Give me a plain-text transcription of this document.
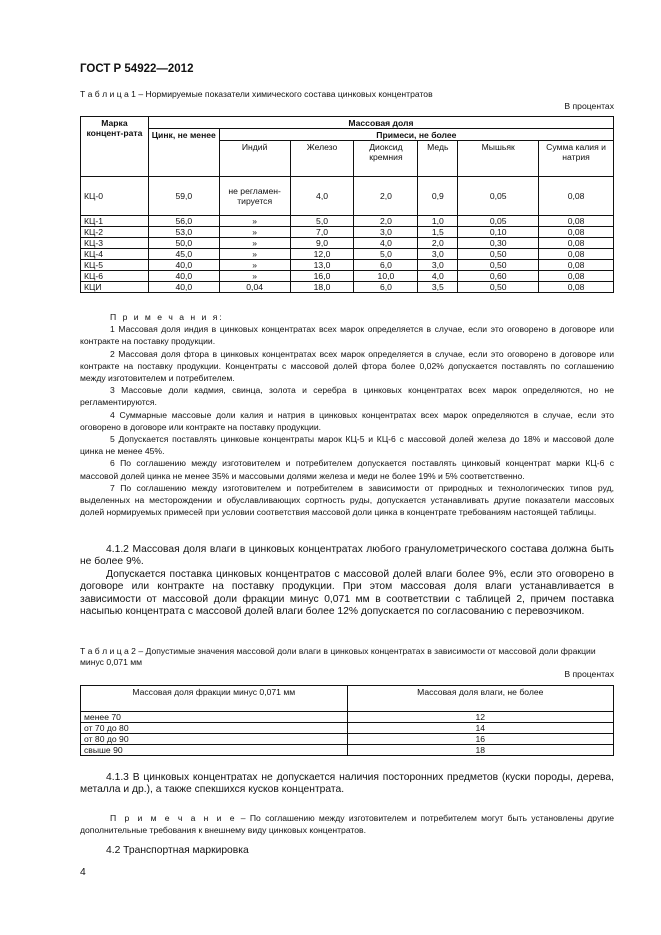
ГОСТ Р 54922—2012
Т а б л и ц а 1 – Нормируемые показатели химического состава цинковых концентратов
В процентах
Марка концент-рата	Массовая доля						
	Цинк, не менее	Примеси, не более					
		Индий	Железо	Диоксид кремния	Медь	Мышьяк	Сумма калия и натрия
КЦ-0	59,0	не регламен-тируется	4,0	2,0	0,9	0,05	0,08
КЦ-1	56,0	»	5,0	2,0	1,0	0,05	0,08
КЦ-2	53,0	»	7,0	3,0	1,5	0,10	0,08
КЦ-3	50,0	»	9,0	4,0	2,0	0,30	0,08
КЦ-4	45,0	»	12,0	5,0	3,0	0,50	0,08
КЦ-5	40,0	»	13,0	6,0	3,0	0,50	0,08
КЦ-6	40,0	»	16,0	10,0	4,0	0,60	0,08
КЦИ	40,0	0,04	18,0	6,0	3,5	0,50	0,08

П р и м е ч а н и я:

1 Массовая доля индия в цинковых концентратах всех марок определяется в случае, если это оговорено в договоре или контракте на поставку продукции.

2 Массовая доля фтора в цинковых концентратах всех марок определяется в случае, если это оговорено в договоре или контракте на поставку продукции. Концентраты с массовой долей фтора более 0,02% допускается поставлять по соглашению между изготовителем и потребителем.

3 Массовые доли кадмия, свинца, золота и серебра в цинковых концентратах всех марок определяются, но не регламентируются.

4 Суммарные массовые доли калия и натрия в цинковых концентратах всех марок определяются в случае, если это оговорено в договоре или контракте на поставку продукции.

5 Допускается поставлять цинковые концентраты марок КЦ-5 и КЦ-6 с массовой долей железа до 18% и массовой доле цинка не менее 45%.

6 По соглашению между изготовителем и потребителем допускается поставлять цинковый концентрат марки КЦ-6 с массовой долей цинка не менее 35% и массовыми долями железа и меди не более 19% и 5% соответственно.

7 По соглашению между изготовителем и потребителем в зависимости от природных и технологических типов руд, выделенных на месторождении и обуславливающих сортность руды, допускается устанавливать другие показатели массовых долей нормируемых примесей при условии соответствия массовой доли цинка в концентрате требованиям настоящей таблицы.

4.1.2 Массовая доля влаги в цинковых концентратах любого гранулометрического состава должна быть не более 9%.

Допускается поставка цинковых концентратов с массовой долей влаги более 9%, если это оговорено в договоре или контракте на поставку продукции. При этом массовая доля влаги устанавливается в зависимости от массовой доли фракции минус 0,071 мм в соответствии с таблицей 2, причем поставка насыпью концентрата с массовой долей влаги более 12% допускается по согласованию с перевозчиком.

Т а б л и ц а 2 – Допустимые значения массовой доли влаги в цинковых концентратах в зависимости от массовой доли фракции минус 0,071 мм
В процентах
Массовая доля фракции минус 0,071 мм	Массовая доля влаги, не более
менее 70	12
от 70 до 80	14
от 80 до 90	16
свыше 90	18

4.1.3 В цинковых концентратах не допускается наличия посторонних предметов (куски породы, дерева, металла и др.), а также спекшихся кусков концентрата.

П р и м е ч а н и е – По соглашению между изготовителем и потребителем могут быть установлены другие дополнительные требования к внешнему виду цинковых концентратов.

4.2 Транспортная маркировка
4
